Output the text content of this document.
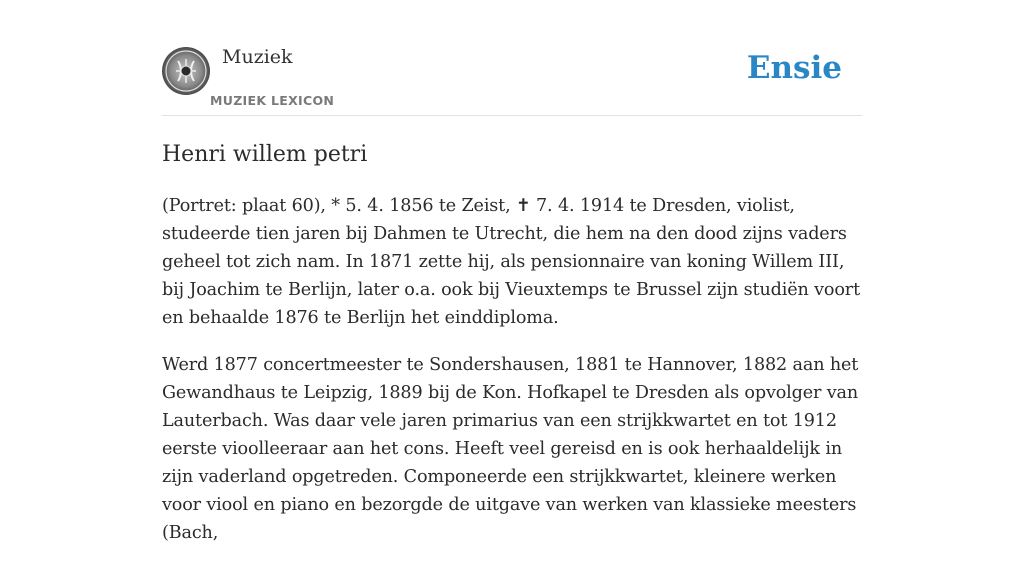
Muziek
MUZIEK LEXICON
Ensie
Henri willem petri

(Portret: plaat 60), * 5. 4. 1856 te Zeist, ✝ 7. 4. 1914 te Dresden, violist, studeerde tien jaren bij Dahmen te Utrecht, die hem na den dood zijns vaders geheel tot zich nam. In 1871 zette hij, als pensionnaire van koning Willem III, bij Joachim te Berlijn, later o.a. ook bij Vieuxtemps te Brussel zijn studiën voort en behaalde 1876 te Berlijn het einddiploma.

Werd 1877 concertmeester te Sondershausen, 1881 te Hannover, 1882 aan het Gewandhaus te Leipzig, 1889 bij de Kon. Hofkapel te Dresden als opvolger van Lauterbach. Was daar vele jaren primarius van een strijkkwartet en tot 1912 eerste vioolleeraar aan het cons. Heeft veel gereisd en is ook herhaaldelijk in zijn vaderland opgetreden. Componeerde een strijkkwartet, kleinere werken voor viool en piano en bezorgde de uitgave van werken van klassieke meesters (Bach,
